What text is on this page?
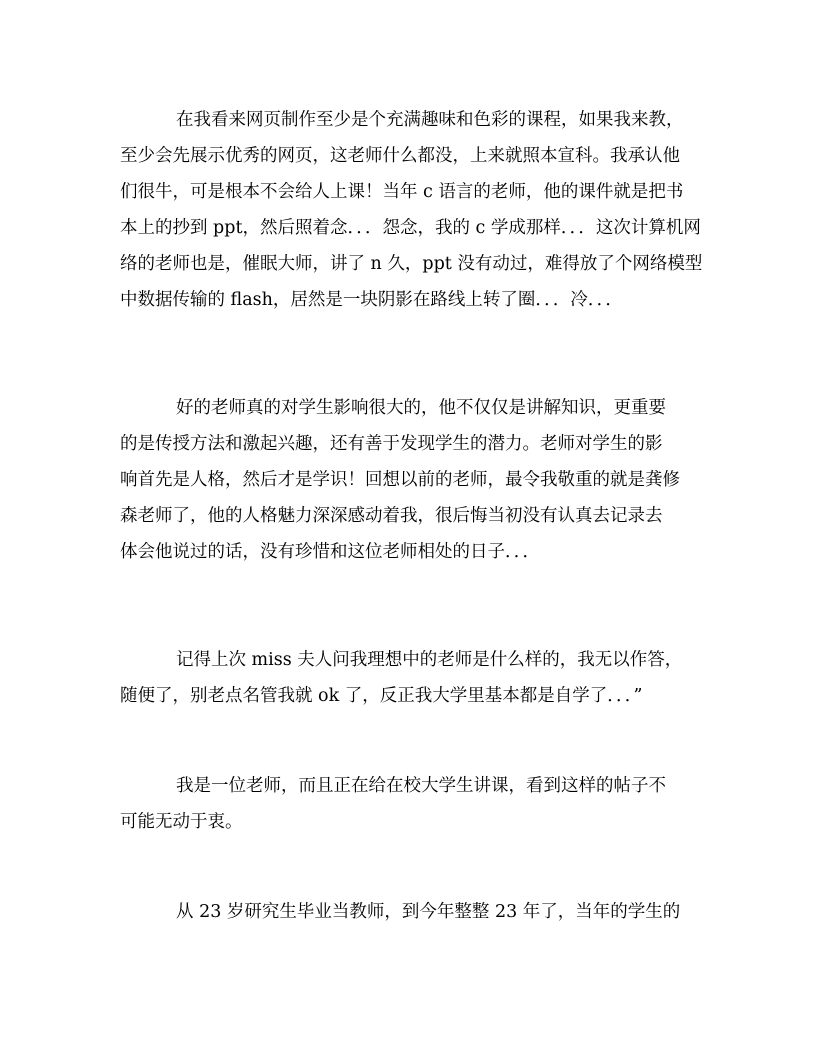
在我看来网页制作至少是个充满趣味和色彩的课程，如果我来教，
至少会先展示优秀的网页，这老师什么都没，上来就照本宣科。我承认他
们很牛，可是根本不会给人上课！当年 c 语言的老师，他的课件就是把书
本上的抄到 ppt，然后照着念．．．怨念，我的 c 学成那样．．．这次计算机网
络的老师也是，催眠大师，讲了 n 久，ppt 没有动过，难得放了个网络模型
中数据传输的 flash，居然是一块阴影在路线上转了圈．．．冷．．．
好的老师真的对学生影响很大的，他不仅仅是讲解知识，更重要
的是传授方法和激起兴趣，还有善于发现学生的潜力。老师对学生的影
响首先是人格，然后才是学识！回想以前的老师，最令我敬重的就是龚修
森老师了，他的人格魅力深深感动着我，很后悔当初没有认真去记录去
体会他说过的话，没有珍惜和这位老师相处的日子．．．
记得上次 miss 夫人问我理想中的老师是什么样的，我无以作答，
随便了，别老点名管我就 ok 了，反正我大学里基本都是自学了．．．”
我是一位老师，而且正在给在校大学生讲课，看到这样的帖子不
可能无动于衷。
从 23 岁研究生毕业当教师，到今年整整 23 年了，当年的学生的
